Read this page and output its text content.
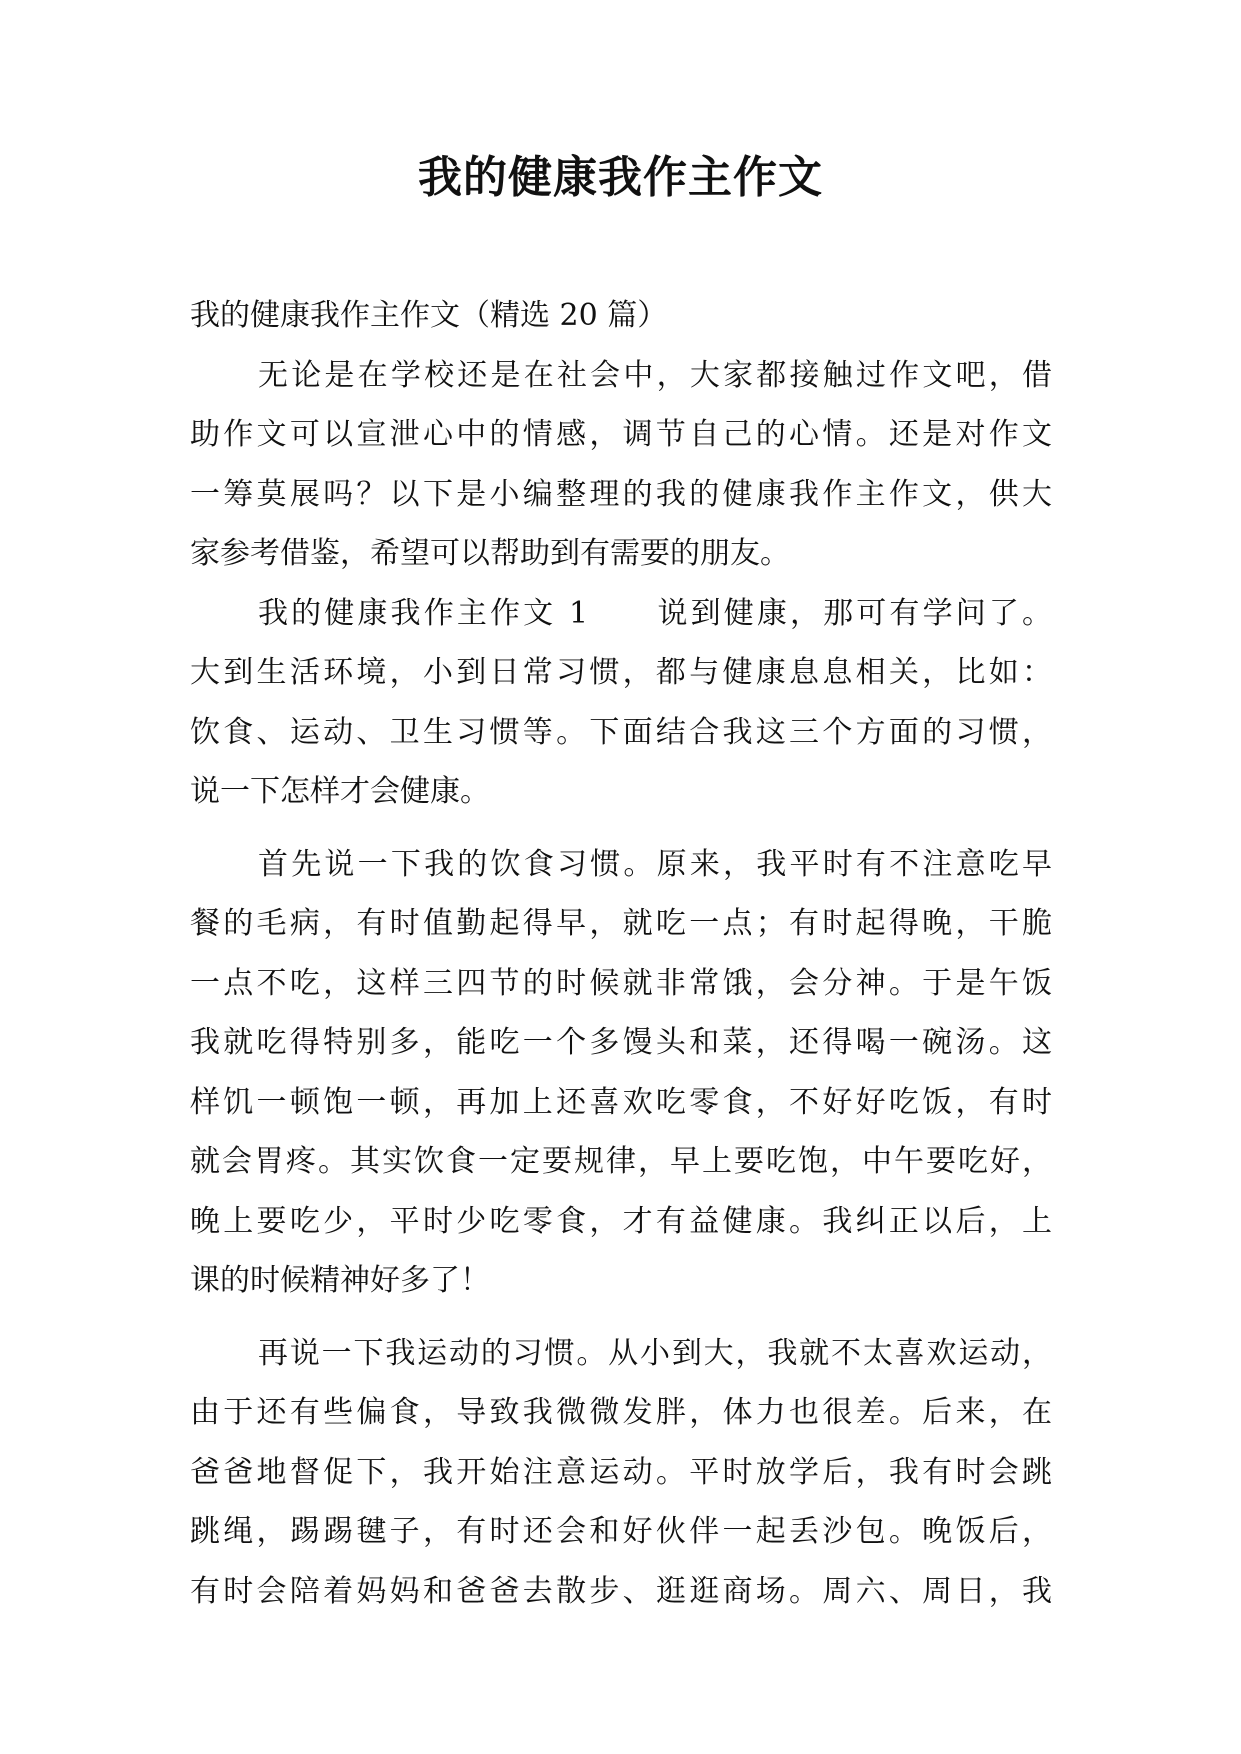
我的健康我作主作文
我的健康我作主作文（精选 20 篇）
无论是在学校还是在社会中，大家都接触过作文吧，借
助作文可以宣泄心中的情感，调节自己的心情。还是对作文
一筹莫展吗？以下是小编整理的我的健康我作主作文，供大
家参考借鉴，希望可以帮助到有需要的朋友。
我的健康我作主作文 1　　说到健康，那可有学问了。
大到生活环境，小到日常习惯，都与健康息息相关，比如：
饮食、运动、卫生习惯等。下面结合我这三个方面的习惯，
说一下怎样才会健康。
首先说一下我的饮食习惯。原来，我平时有不注意吃早
餐的毛病，有时值勤起得早，就吃一点；有时起得晚，干脆
一点不吃，这样三四节的时候就非常饿，会分神。于是午饭
我就吃得特别多，能吃一个多馒头和菜，还得喝一碗汤。这
样饥一顿饱一顿，再加上还喜欢吃零食，不好好吃饭，有时
就会胃疼。其实饮食一定要规律，早上要吃饱，中午要吃好，
晚上要吃少，平时少吃零食，才有益健康。我纠正以后，上
课的时候精神好多了！
再说一下我运动的习惯。从小到大，我就不太喜欢运动，
由于还有些偏食，导致我微微发胖，体力也很差。后来，在
爸爸地督促下，我开始注意运动。平时放学后，我有时会跳
跳绳，踢踢毽子，有时还会和好伙伴一起丢沙包。晚饭后，
有时会陪着妈妈和爸爸去散步、逛逛商场。周六、周日，我
